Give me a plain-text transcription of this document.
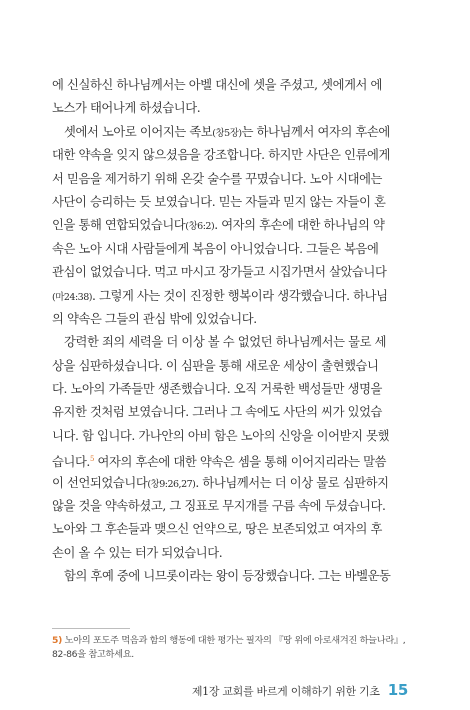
에 신실하신 하나님께서는 아벨 대신에 셋을 주셨고, 셋에게서 에
노스가 태어나게 하셨습니다.
셋에서 노아로 이어지는 족보(창5장)는 하나님께서 여자의 후손에
대한 약속을 잊지 않으셨음을 강조합니다. 하지만 사단은 인류에게
서 믿음을 제거하기 위해 온갖 술수를 꾸몄습니다. 노아 시대에는
사단이 승리하는 듯 보였습니다. 믿는 자들과 믿지 않는 자들이 혼
인을 통해 연합되었습니다(창6:2). 여자의 후손에 대한 하나님의 약
속은 노아 시대 사람들에게 복음이 아니었습니다. 그들은 복음에
관심이 없었습니다. 먹고 마시고 장가들고 시집가면서 살았습니다
(마24:38). 그렇게 사는 것이 진정한 행복이라 생각했습니다. 하나님
의 약속은 그들의 관심 밖에 있었습니다.
강력한 죄의 세력을 더 이상 볼 수 없었던 하나님께서는 물로 세
상을 심판하셨습니다. 이 심판을 통해 새로운 세상이 출현했습니
다. 노아의 가족들만 생존했습니다. 오직 거룩한 백성들만 생명을
유지한 것처럼 보였습니다. 그러나 그 속에도 사단의 씨가 있었습
니다. 함 입니다. 가나안의 아비 함은 노아의 신앙을 이어받지 못했
습니다.$^5$ 여자의 후손에 대한 약속은 셈을 통해 이어지리라는 말씀
이 선언되었습니다(창9:26,27). 하나님께서는 더 이상 물로 심판하지
않을 것을 약속하셨고, 그 징표로 무지개를 구름 속에 두셨습니다.
노아와 그 후손들과 맺으신 언약으로, 땅은 보존되었고 여자의 후
손이 올 수 있는 터가 되었습니다.
함의 후예 중에 니므롯이라는 왕이 등장했습니다. 그는 바벨운동
5) 노아의 포도주 먹음과 함의 행동에 대한 평가는 필자의 『땅 위에 아로새겨진 하늘나라』, 82-86을 참고하세요.
제1장 교회를 바르게 이해하기 위한 기초 15
